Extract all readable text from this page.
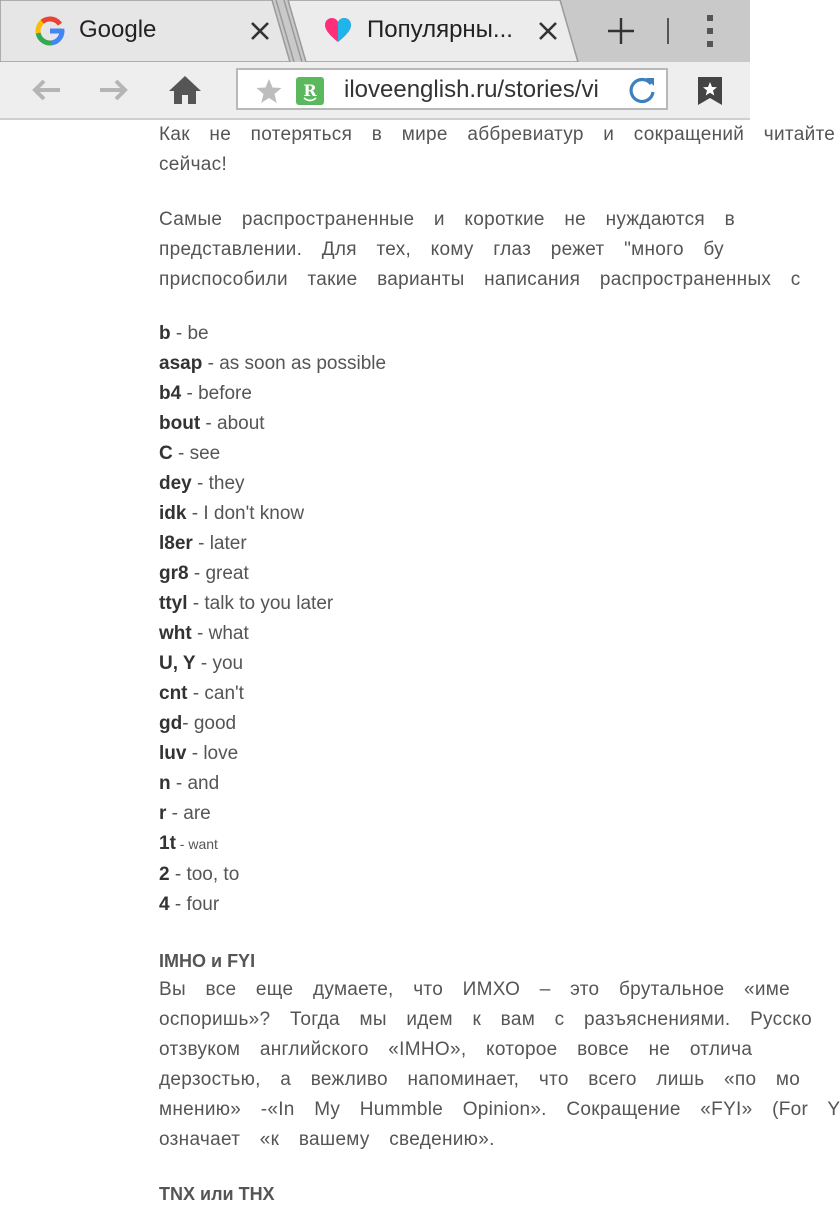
Google	Популярны...
R iloveenglish.ru/stories/vi
Как не потеряться в мире аббревиатур и сокращений читайте
сейчас!
Самые распространенные и короткие не нуждаются в
представлении. Для тех, кому глаз режет "много бу
приспособили такие варианты написания распространенных с
b - be
asap - as soon as possible
b4 - before
bout - about
C - see
dey - they
idk - I don't know
l8er - later
gr8 - great
ttyl - talk to you later
wht - what
U, Y - you
cnt - can't
gd- good
luv - love
n - and
r - are
1t - want
2 - too, to
4 - four
IMHO и FYI
Вы все еще думаете, что ИМХО – это брутальное «име
оспоришь»? Тогда мы идем к вам с разъяснениями. Русско
отзвуком английского «IMHO», которое вовсе не отлича
дерзостью, а вежливо напоминает, что всего лишь «по мо
мнению» -«In My Hummble Opinion». Сокращение «FYI» (For Y
означает «к вашему сведению».
TNX или THX
